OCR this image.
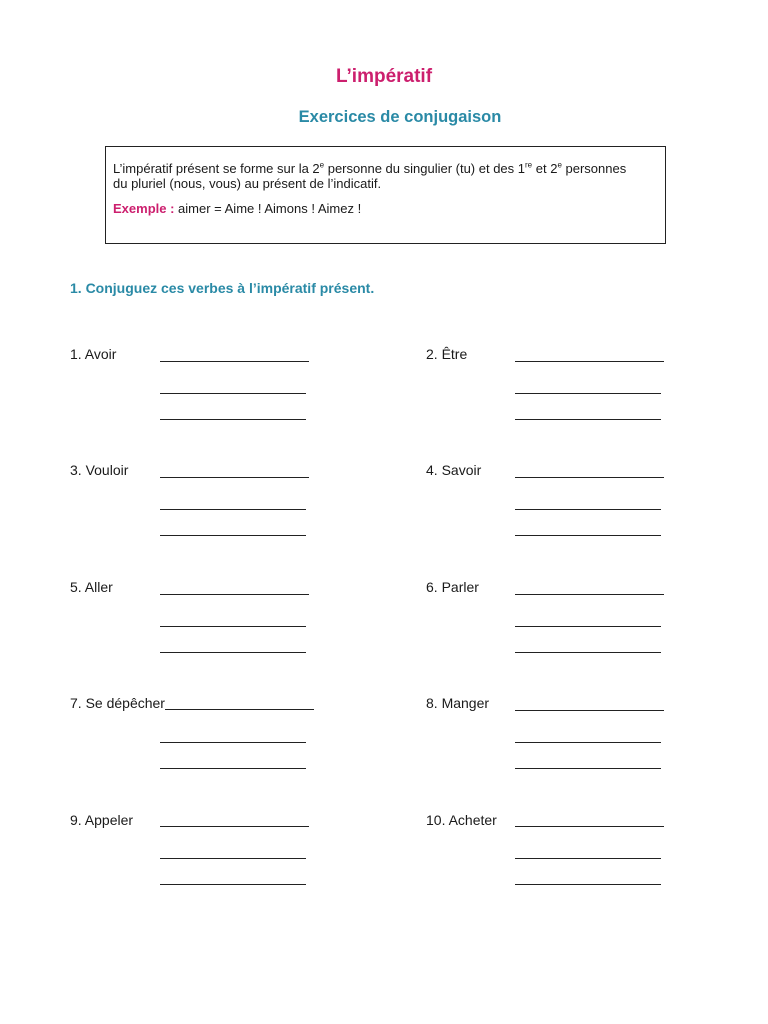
L’impératif
Exercices de conjugaison
L’impératif présent se forme sur la 2e personne du singulier (tu) et des 1re et 2e personnes
du pluriel (nous, vous) au présent de l’indicatif.
Exemple : aimer = Aime ! Aimons ! Aimez !
1. Conjuguez ces verbes à l’impératif présent.
1. Avoir	2. Être
3. Vouloir	4. Savoir
5. Aller	6. Parler
7. Se dépêcher	8. Manger
9. Appeler	10. Acheter
